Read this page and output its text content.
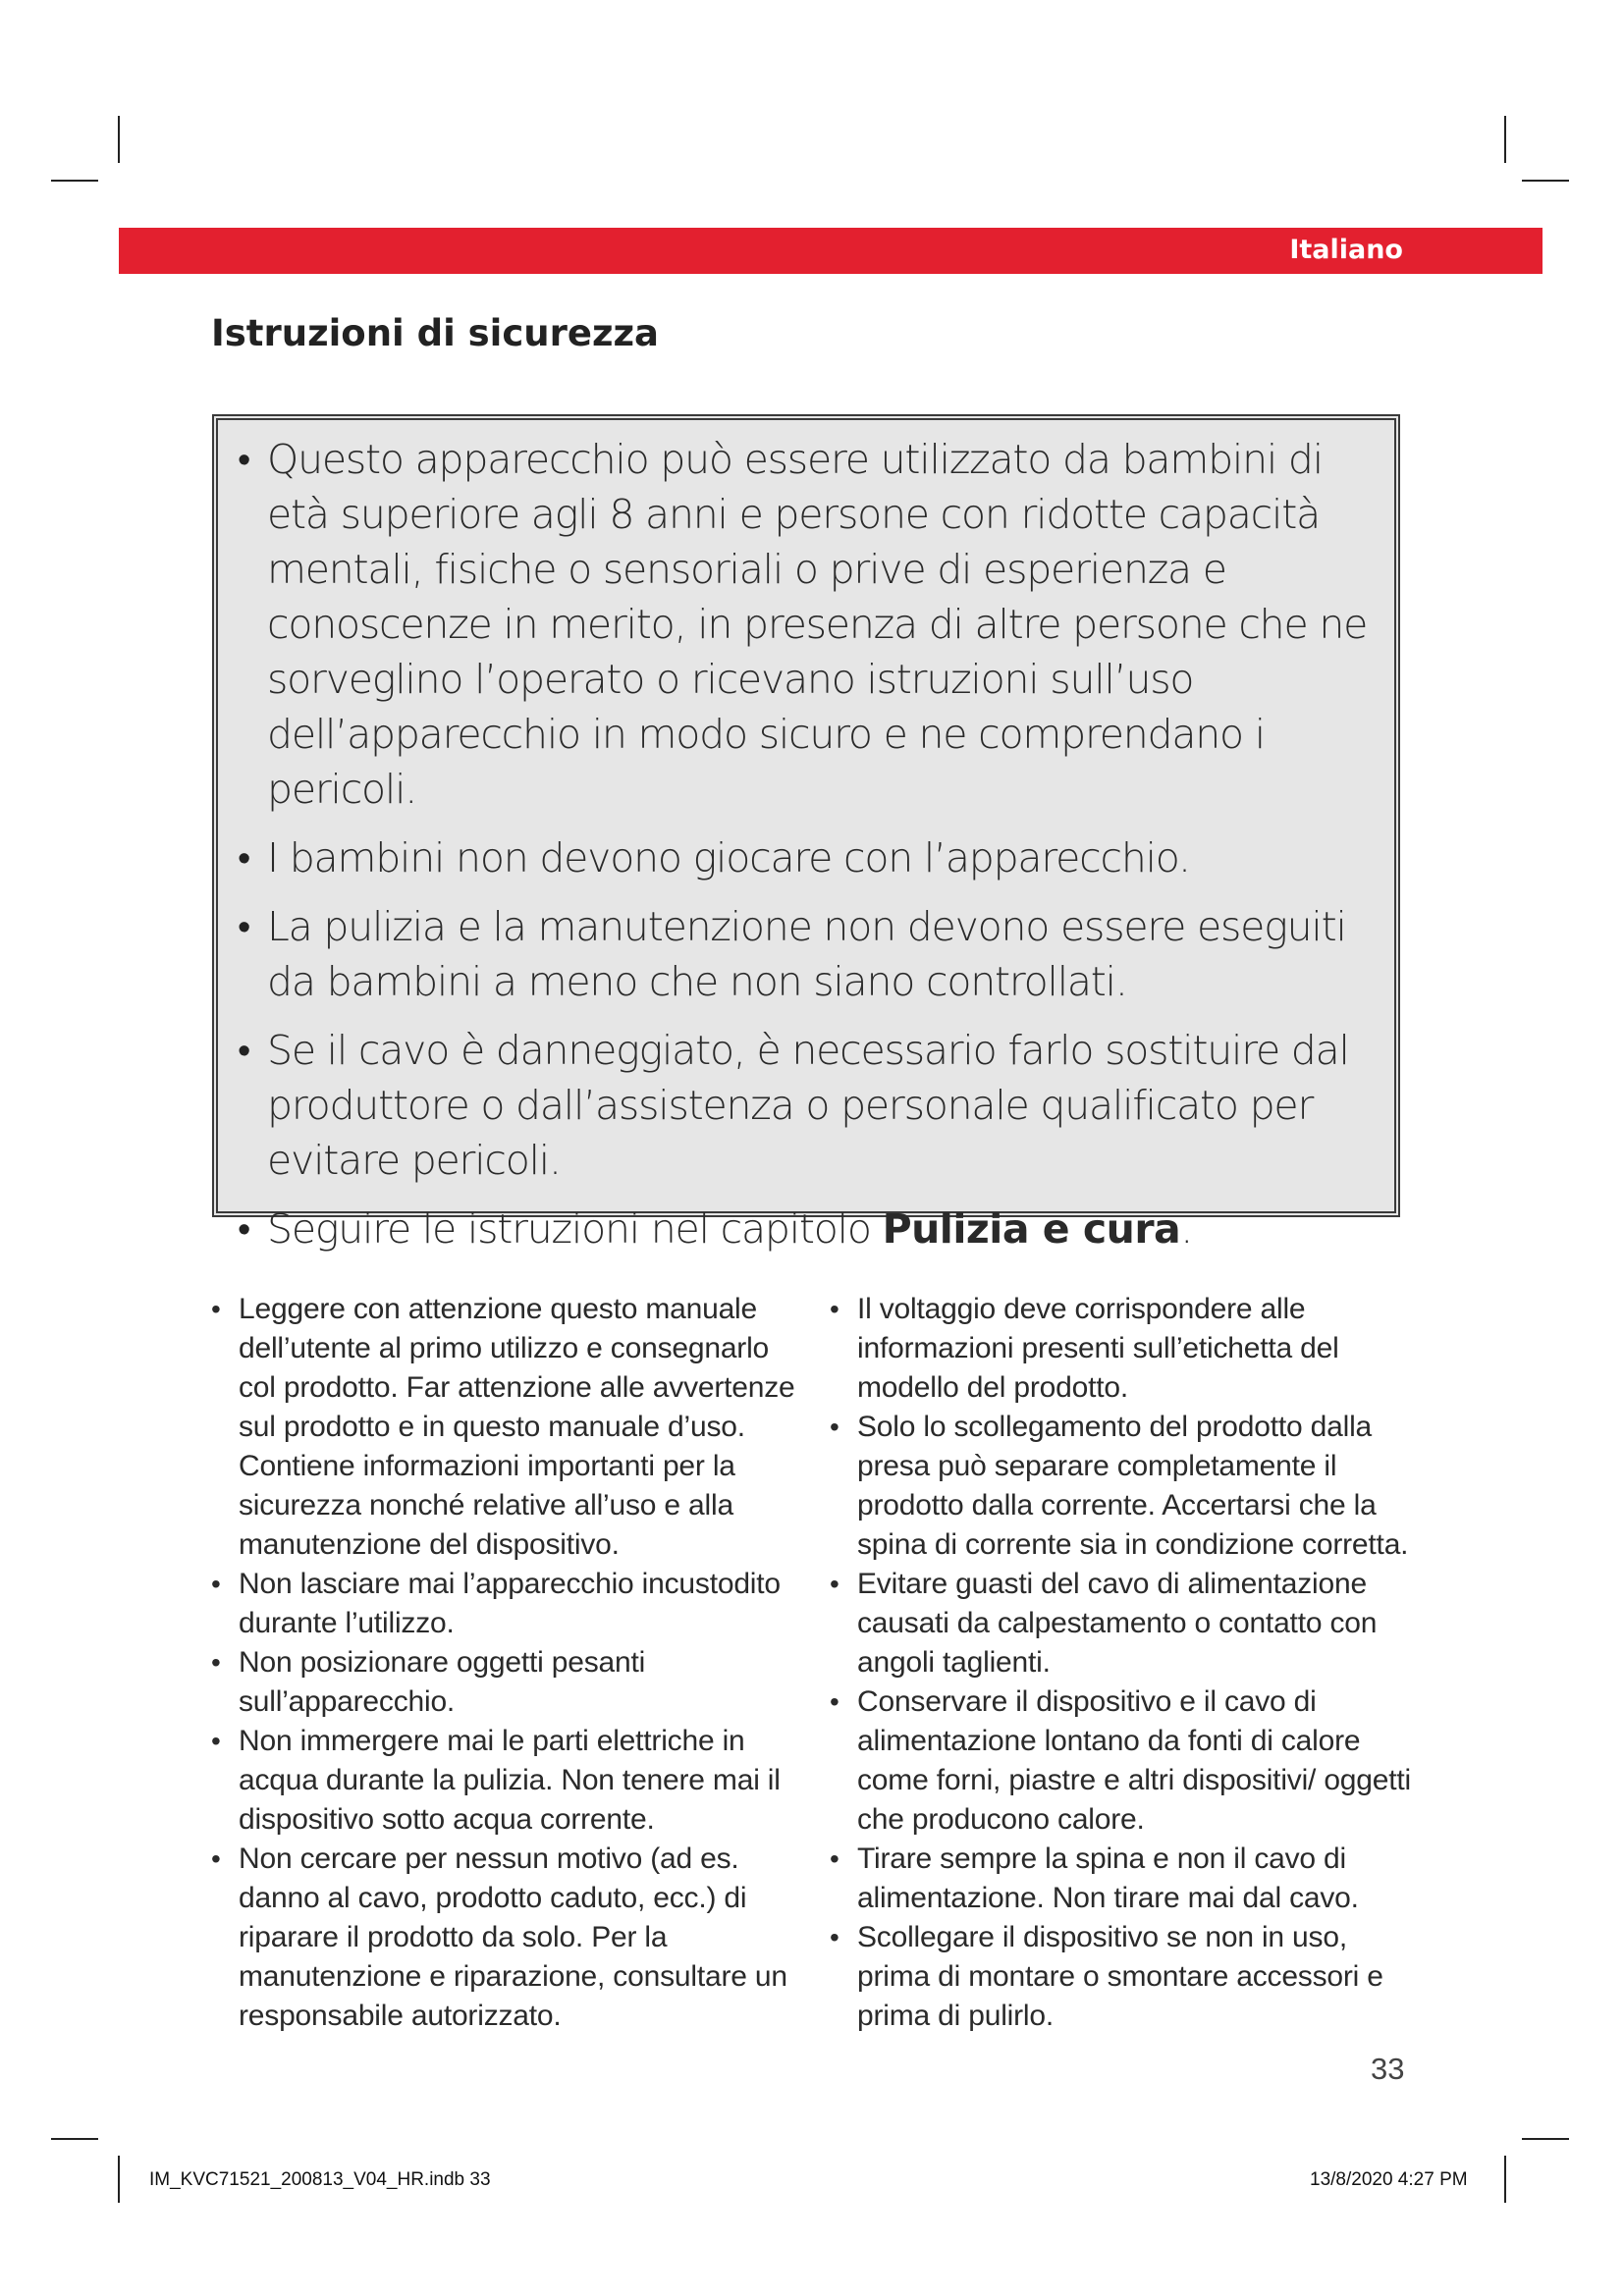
Italiano
Istruzioni di sicurezza
• Questo apparecchio può essere utilizzato da bambini di età superiore agli 8 anni e persone con ridotte capacità mentali, fisiche o sensoriali o prive di esperienza e conoscenze in merito, in presenza di altre persone che ne sorveglino l’operato o ricevano istruzioni sull’uso dell’apparecchio in modo sicuro e ne comprendano i pericoli.
• I bambini non devono giocare con l’apparecchio.
• La pulizia e la manutenzione non devono essere eseguiti da bambini a meno che non siano controllati.
• Se il cavo è danneggiato, è necessario farlo sostituire dal produttore o dall’assistenza o personale qualificato per evitare pericoli.
• Seguire le istruzioni nel capitolo Pulizia e cura.
• Leggere con attenzione questo manuale dell’utente al primo utilizzo e consegnarlo col prodotto. Far attenzione alle avvertenze sul prodotto e in questo manuale d’uso. Contiene informazioni importanti per la sicurezza nonché relative all’uso e alla manutenzione del dispositivo.
• Non lasciare mai l’apparecchio incustodito durante l’utilizzo.
• Non posizionare oggetti pesanti sull’apparecchio.
• Non immergere mai le parti elettriche in acqua durante la pulizia. Non tenere mai il dispositivo sotto acqua corrente.
• Non cercare per nessun motivo (ad es. danno al cavo, prodotto caduto, ecc.) di riparare il prodotto da solo. Per la manutenzione e riparazione, consultare un responsabile autorizzato.
• Il voltaggio deve corrispondere alle informazioni presenti sull’etichetta del modello del prodotto.
• Solo lo scollegamento del prodotto dalla presa può separare completamente il prodotto dalla corrente. Accertarsi che la spina di corrente sia in condizione corretta.
• Evitare guasti del cavo di alimentazione causati da calpestamento o contatto con angoli taglienti.
• Conservare il dispositivo e il cavo di alimentazione lontano da fonti di calore come forni, piastre e altri dispositivi/ oggetti che producono calore.
• Tirare sempre la spina e non il cavo di alimentazione. Non tirare mai dal cavo.
• Scollegare il dispositivo se non in uso, prima di montare o smontare accessori e prima di pulirlo.
33
IM_KVC71521_200813_V04_HR.indb 33	13/8/2020 4:27 PM
